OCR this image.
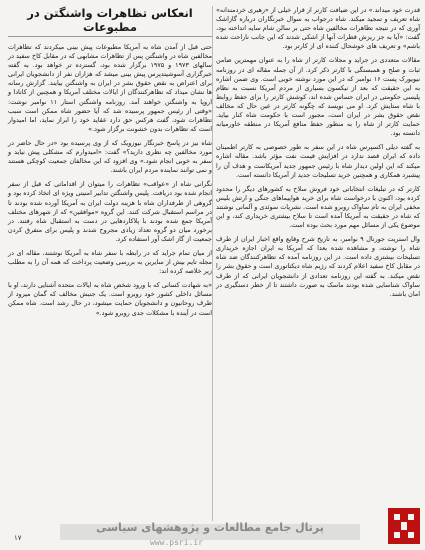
قدرت خود میداند.» در این ضیافت کارتر از قرار خیلی از «رهبری خردمندانه» شاه تعریف و تمجید میکند. شاه درجواب به سوال خبرنگاران درباره گازاشک آوری که در نتیجه تظاهرات مخالفین شاه حتی بر سالن شام سایه انداخته بود، گفت: «آیا به جز ریزش قطرات آنها از اشکی شدند که این جانب ناراحت شده باشم» و تعریف های خوشحال کننده ای از کارتر بود.

مقالات متعددی در جراید و مجلات کارتر از شاه را به عنوان مهمترین ضامن ثبات و صلح و همبستگی با کارتر ذکر کرد. از آن جمله مقاله ای در روزنامه نیویورک پست ۱۶ نوامبر که در این مورد نوشته خوبی است. وی ضمن اشاره به این حقیقت که بعد از نیکسون بسیاری از مردم آمریکا نسبت به نظام پلیسی حکومتی در ایران حساس شده اند، کوشش کارتر را برای حفظ روابط با شاه ستایش کرد. او می نویسد که چگونه کارتر در عین حال که مخالف نقض حقوق بشر در ایران است، مجبور است با حکومت شاه کنار بیاید. حمایت کارتر از شاه را به منظور حفظ منافع آمریکا در منطقه خاورمیانه دانسته بود.

به گفته دیلی اکسپرس شاه در این سفر به طور خصوصی به کارتر اطمینان داده که ایران قصد ندارد در افزایش قیمت نفت مؤثر باشد. مقاله اشاره میکند که این اولین دیدار شاه با رئیس جمهور جدید آمریکاست و هدف آن را پیشبرد همکاری و همچنین خرید تسلیحات جدید از آمریکا دانسته است.

کارتر که در تبلیغات انتخاباتی خود فروش سلاح به کشورهای دیگر را محدود کرده بود، اکنون با درخواست شاه برای خرید هواپیماهای جنگی و ارتش بلیس مخفی ایران به نام ساواک روبرو شده است. نشریات سوئدی و آلمانی نوشتند که شاه در حقیقت به آمریکا آمده است تا سلاح بیشتری خریداری کند، و این موضوع یکی از مسائل مهم مورد بحث بوده است.

وال استریت جورنال ۹ نوامبر، به تاریخ شرح وقایع واقع اخبار ایران از طرف شاه را نوشته، و مشاهده شده بعدا که آمریکا به ایران اجازه خریداری تسلیحات بیشتری داده است. در این روزنامه آمده که تظاهرکنندگان ضد شاه در مقابل کاخ سفید اعلام کردند که رژیم شاه دیکتاتوری است و حقوق بشر را نقض میکند. به گفته این روزنامه تعدادی از دانشجویان ایرانی که از طرف ساواک شناسایی شده بودند ماسک به صورت داشتند تا از خطر دستگیری در امان باشند.

انعکاس تظاهرات واشنگتن در مطبوعات

حتی قبل از آمدن شاه به آمریکا مطبوعات پیش بینی میکردند که تظاهرات مخالفین شاه در واشنگتن پس از تظاهرات مشابهی که در مقابل کاخ سفید در سالهای ۱۹۷۳ و ۱۹۷۵ برگزار شده بود، گسترده تر خواهد بود. به گفته خبرگزاری آسوشیتدپرس پیش بینی میشد که هزاران نفر از دانشجویان ایرانی برای اعتراض به نقض حقوق بشر در ایران به واشنگتن بیایند. گزارش رسانه ها نشان میداد که تظاهرکنندگان از ایالات مختلف آمریکا و همچنین از کانادا و اروپا به واشنگتن خواهند آمد. روزنامه واشنگتن استار ۱۱ نوامبر نوشت: «وقتی از رئیس جمهور پرسیده شد که آیا حضور شاه ممکن است سبب تظاهرات شود، گفت هرکس حق دارد عقاید خود را ابراز نماید، اما امیدوار است که تظاهرات بدون خشونت برگزار شود.»

شاه نیز در پاسخ خبرنگار نیوزویک که از وی پرسیده بود «در حال حاضر در مورد مخالفین چه نظری دارید؟» گفت: «امیدوارم که مشکلی پیش نیاید و سفر به خوبی انجام شود.» وی افزود که این مخالفان جمعیت کوچکی هستند و نمی توانند نماینده مردم ایران باشند.

نگرانی شاه از «عواقب» تظاهرات را میتوان از اقداماتی که قبل از سفر انجام شده بود دریافت. پلیس واشنگتن تدابیر امنیتی ویژه ای اتخاذ کرده بود و گروهی از طرفداران شاه با هزینه دولت ایران به آمریکا آورده شده بودند تا در مراسم استقبال شرکت کنند. این گروه «موافقین» که از شهرهای مختلف آمریکا جمع شده بودند با پلاکاردهایی در دست به استقبال شاه رفتند. در برخورد میان دو گروه تعداد زیادی مجروح شدند و پلیس برای متفرق کردن جمعیت از گاز اشک آور استفاده کرد.

از میان تمام جراید که در رابطه با سفر شاه به آمریکا نوشتند، مقاله ای در مجله تایم بیش از سایرین به بررسی وضعیت پرداخت که همه آن را به مطلب زیر خلاصه کرده اند:

«به شهادت کسانی که با ورود شخص شاه به ایالات متحده آشنایی دارند، او با مسائل داخلی کشور خود روبرو است. یک جنبش مخالف که گمان میرود از طرف روحانیون و دانشجویان حمایت میشود، در حال رشد است. شاه ممکن است در آینده با مشکلات جدی روبرو شود.»

پرتال جامع مطالعات و پژوهشهای سیاسی
www.psri.ir
۱۷
